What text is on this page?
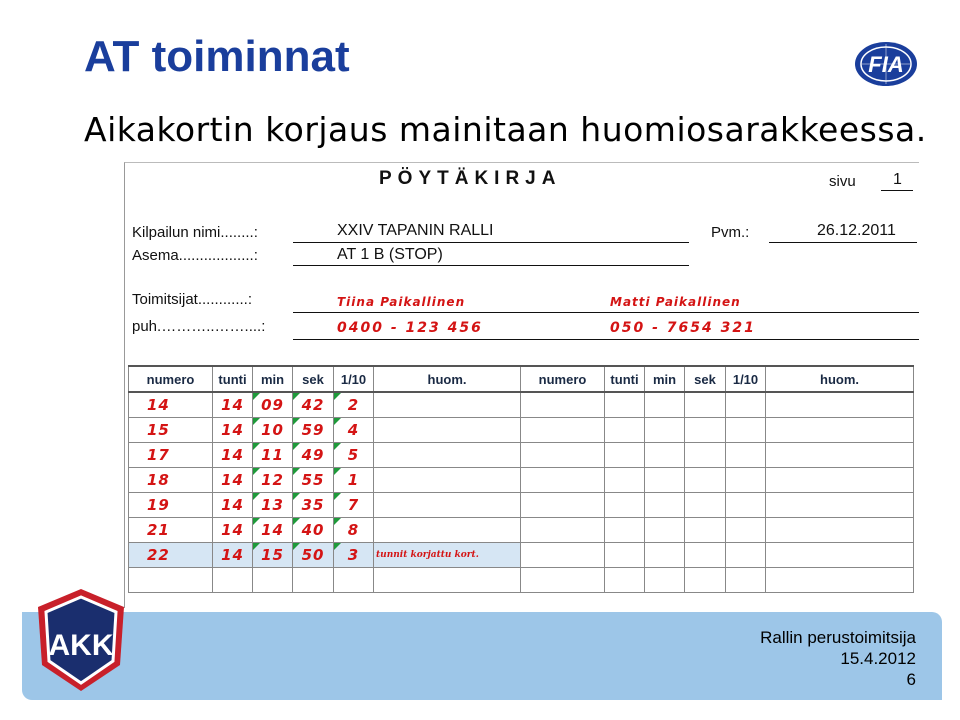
AT toiminnat
Aikakortin korjaus mainitaan huomiosarakkeessa.
FIA
PÖYTÄKIRJA	sivu 1
Kilpailun nimi........:	XXIV TAPANIN RALLI	Pvm.:	26.12.2011
Asema..................:	AT 1 B (STOP)
Toimitsijat............:	Tiina Paikallinen	Matti Paikallinen
puh.………..……....:	0400 - 123 456	050 - 7654 321
numero	tunti	min	sek	1/10	huom.	numero	tunti	min	sek	1/10	huom.
14	14	09	42	2							
15	14	10	59	4							
17	14	11	49	5							
18	14	12	55	1							
19	14	13	35	7							
21	14	14	40	8							
22	14	15	50	3	tunnit korjattu kort.						

AKK	Rallin perustoimitsija
15.4.2012
6
